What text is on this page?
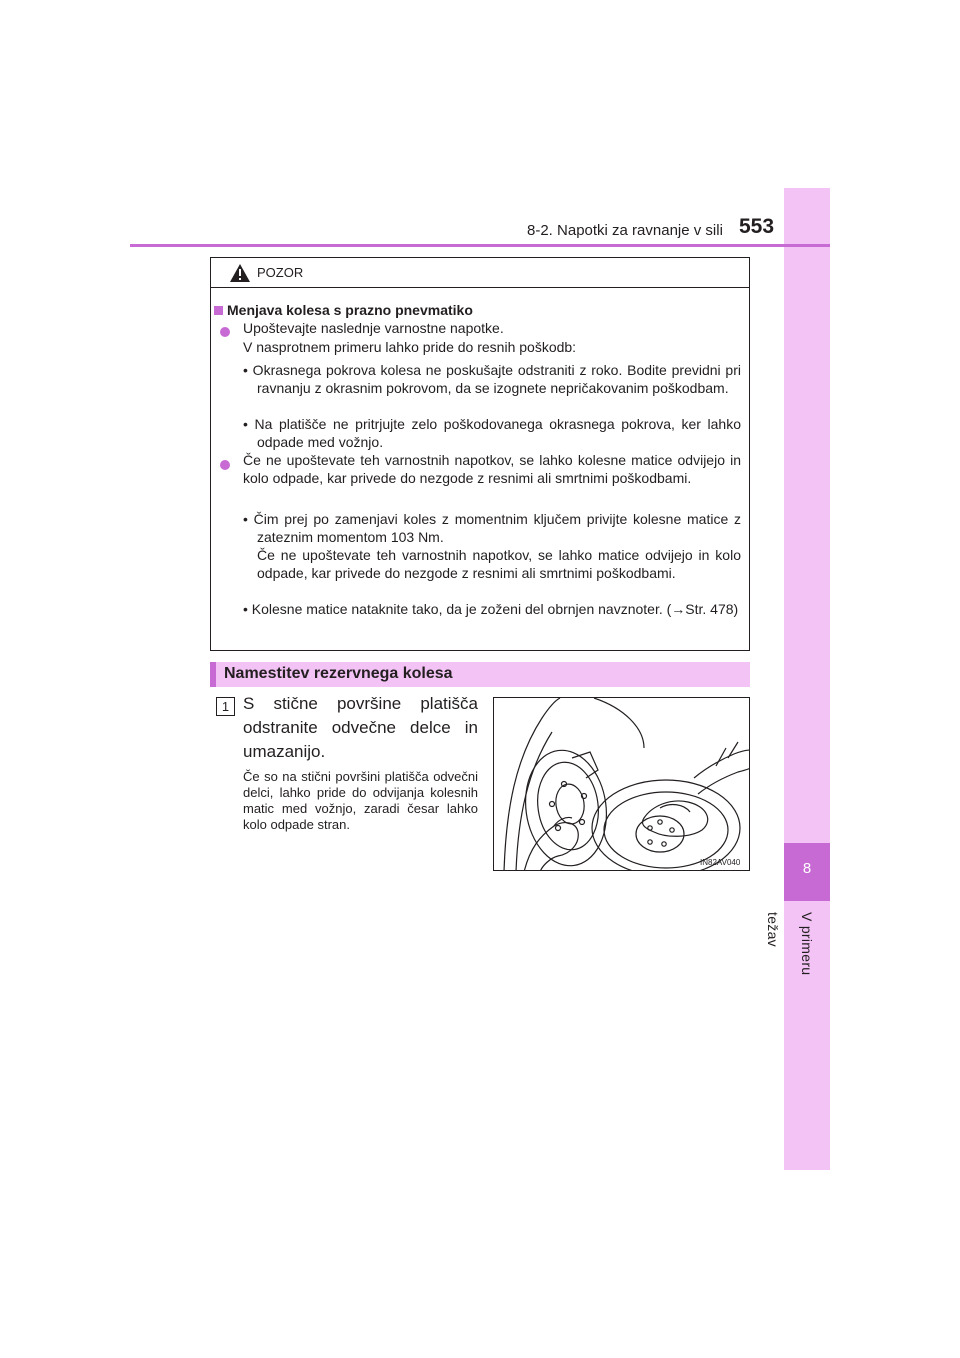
8
V primeru težav
8-2. Napotki za ravnanje v sili 553
POZOR
Menjava kolesa s prazno pnevmatiko
Upoštevajte naslednje varnostne napotke.
V nasprotnem primeru lahko pride do resnih poškodb:
• Okrasnega pokrova kolesa ne poskušajte odstraniti z roko. Bodite previdni pri ravnanju z okrasnim pokrovom, da se izognete nepričakovanim poškodbam.
• Na platišče ne pritrjujte zelo poškodovanega okrasnega pokrova, ker lahko odpade med vožnjo.
Če ne upoštevate teh varnostnih napotkov, se lahko kolesne matice odvijejo in kolo odpade, kar privede do nezgode z resnimi ali smrtnimi poškodbami.
• Čim prej po zamenjavi koles z momentnim ključem privijte kolesne matice z zateznim momentom 103 Nm.
Če ne upoštevate teh varnostnih napotkov, se lahko matice odvijejo in kolo odpade, kar privede do nezgode z resnimi ali smrtnimi poškodbami.
• Kolesne matice nataknite tako, da je zoženi del obrnjen navznoter. (→Str. 478)
Namestitev rezervnega kolesa
1 S stične površine platišča odstranite odvečne delce in umazanijo.
Če so na stični površini platišča odvečni delci, lahko pride do odvijanja kolesnih matic med vožnjo, zaradi česar lahko kolo odpade stran.
IN82AV040
